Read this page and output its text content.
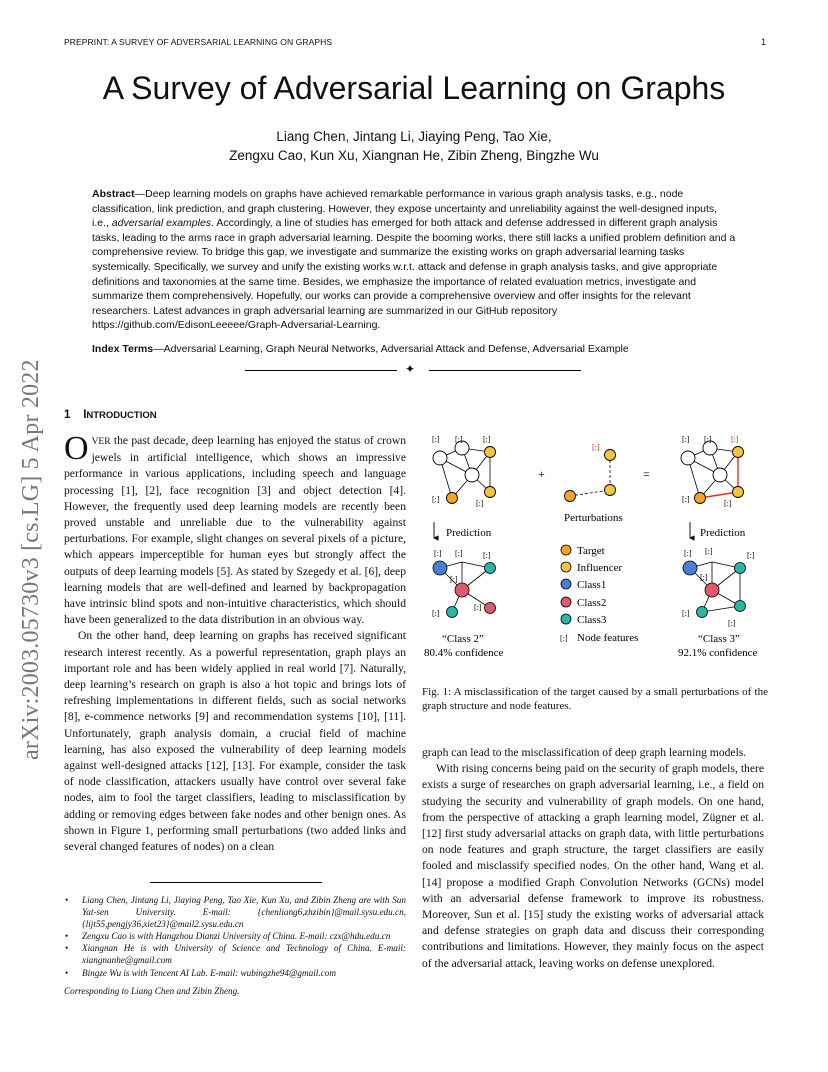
PREPRINT: A SURVEY OF ADVERSARIAL LEARNING ON GRAPHS	1
arXiv:2003.05730v3 [cs.LG] 5 Apr 2022
A Survey of Adversarial Learning on Graphs
Liang Chen, Jintang Li, Jiaying Peng, Tao Xie,
Zengxu Cao, Kun Xu, Xiangnan He, Zibin Zheng, Bingzhe Wu
Abstract—Deep learning models on graphs have achieved remarkable performance in various graph analysis tasks, e.g., node classification, link prediction, and graph clustering. However, they expose uncertainty and unreliability against the well-designed inputs, i.e., adversarial examples. Accordingly, a line of studies has emerged for both attack and defense addressed in different graph analysis tasks, leading to the arms race in graph adversarial learning. Despite the booming works, there still lacks a unified problem definition and a comprehensive review. To bridge this gap, we investigate and summarize the existing works on graph adversarial learning tasks systemically. Specifically, we survey and unify the existing works w.r.t. attack and defense in graph analysis tasks, and give appropriate definitions and taxonomies at the same time. Besides, we emphasize the importance of related evaluation metrics, investigate and summarize them comprehensively. Hopefully, our works can provide a comprehensive overview and offer insights for the relevant researchers. Latest advances in graph adversarial learning are summarized in our GitHub repository https://github.com/EdisonLeeeee/Graph-Adversarial-Learning.
Index Terms—Adversarial Learning, Graph Neural Networks, Adversarial Attack and Defense, Adversarial Example
✦
1 INTRODUCTION

OVER the past decade, deep learning has enjoyed the status of crown jewels in artificial intelligence, which shows an impressive performance in various applications, including speech and language processing [1], [2], face recognition [3] and object detection [4]. However, the frequently used deep learning models are recently been proved unstable and unreliable due to the vulnerability against perturbations. For example, slight changes on several pixels of a picture, which appears imperceptible for human eyes but strongly affect the outputs of deep learning models [5]. As stated by Szegedy et al. [6], deep learning models that are well-defined and learned by backpropagation have intrinsic blind spots and non-intuitive characteristics, which should have been generalized to the data distribution in an obvious way.

On the other hand, deep learning on graphs has received significant research interest recently. As a powerful representation, graph plays an important role and has been widely applied in real world [7]. Naturally, deep learning’s research on graph is also a hot topic and brings lots of refreshing implementations in different fields, such as social networks [8], e-commence networks [9] and recommendation systems [10], [11]. Unfortunately, graph analysis domain, a crucial field of machine learning, has also exposed the vulnerability of deep learning models against well-designed attacks [12], [13]. For example, consider the task of node classification, attackers usually have control over several fake nodes, aim to fool the target classifiers, leading to misclassification by adding or removing edges between fake nodes and other benign ones. As shown in Figure 1, performing small perturbations (two added links and several changed features of nodes) on a clean

• Liang Chen, Jintang Li, Jiaying Peng, Tao Xie, Kun Xu, and Zibin Zheng are with Sun Yat-sen University. E-mail: {chenliang6,zhzibin}@mail.sysu.edu.cn, {lijt55,pengjy36,xiet23}@mail2.sysu.edu.cn
• Zengxu Cao is with Hangzhou Dianzi University of China. E-mail: czx@hdu.edu.cn
• Xiangnan He is with University of Science and Technology of China. E-mail: xiangnanhe@gmail.com
• Bingze Wu is with Tencent AI Lab. E-mail: wubingzhe94@gmail.com
Corresponding to Liang Chen and Zibin Zheng.
[:] [:]	[:]
[:]	[:]
+
[:]
Perturbations
=
[:] [:] [:]
[:]	[:]
Prediction	Prediction
[:] [:]	[:]
[:]
[:]
[:]
Target
Influencer
Class1
Class2
Class3
[:] Node features
[:] [:]	[:]
[:]
[:]
[:]
“Class 2”
80.4% confidence
“Class 3”
92.1% confidence
Fig. 1: A misclassification of the target caused by a small perturbations of the graph structure and node features.

graph can lead to the misclassification of deep graph learning models.

With rising concerns being paid on the security of graph models, there exists a surge of researches on graph adversarial learning, i.e., a field on studying the security and vulnerability of graph models. On one hand, from the perspective of attacking a graph learning model, Zügner et al. [12] first study adversarial attacks on graph data, with little perturbations on node features and graph structure, the target classifiers are easily fooled and misclassify specified nodes. On the other hand, Wang et al. [14] propose a modified Graph Convolution Networks (GCNs) model with an adversarial defense framework to improve its robustness. Moreover, Sun et al. [15] study the existing works of adversarial attack and defense strategies on graph data and discuss their corresponding contributions and limitations. However, they mainly focus on the aspect of the adversarial attack, leaving works on defense unexplored.
